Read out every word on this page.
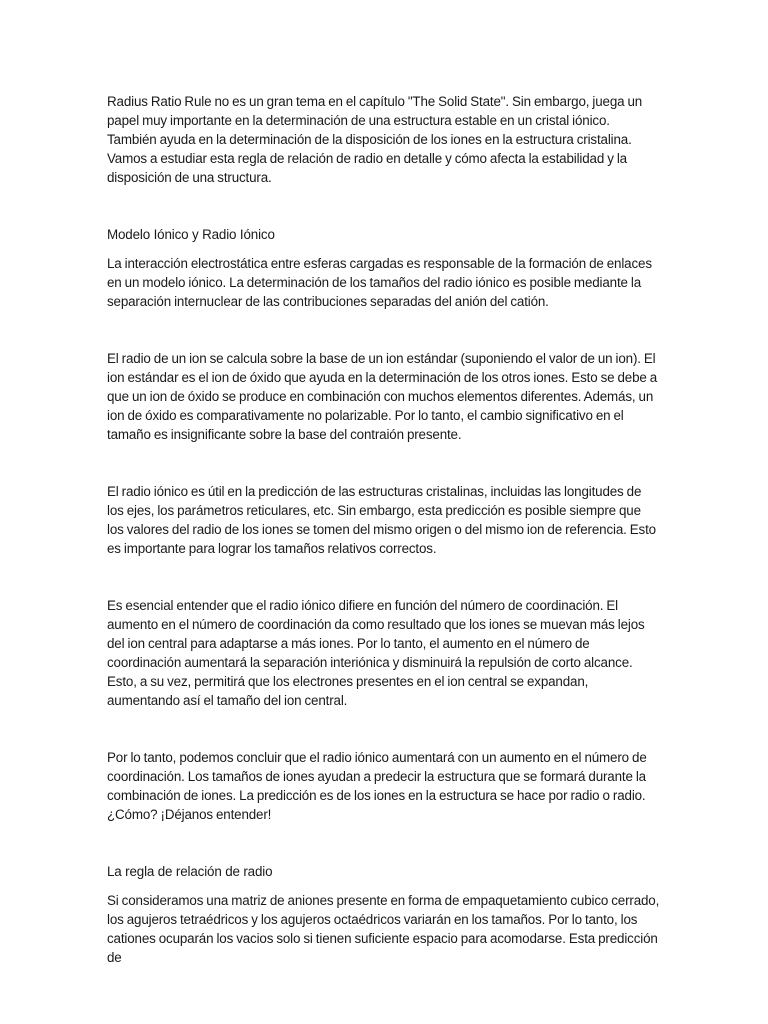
Radius Ratio Rule no es un gran tema en el capítulo "The Solid State". Sin embargo, juega un papel muy importante en la determinación de una estructura estable en un cristal iónico. También ayuda en la determinación de la disposición de los iones en la estructura cristalina. Vamos a estudiar esta regla de relación de radio en detalle y cómo afecta la estabilidad y la disposición de una structura.

Modelo Iónico y Radio Iónico

La interacción electrostática entre esferas cargadas es responsable de la formación de enlaces en un modelo iónico. La determinación de los tamaños del radio iónico es posible mediante la separación internuclear de las contribuciones separadas del anión del catión.

El radio de un ion se calcula sobre la base de un ion estándar (suponiendo el valor de un ion). El ion estándar es el ion de óxido que ayuda en la determinación de los otros iones. Esto se debe a que un ion de óxido se produce en combinación con muchos elementos diferentes. Además, un ion de óxido es comparativamente no polarizable. Por lo tanto, el cambio significativo en el tamaño es insignificante sobre la base del contraión presente.

El radio iónico es útil en la predicción de las estructuras cristalinas, incluidas las longitudes de los ejes, los parámetros reticulares, etc. Sin embargo, esta predicción es posible siempre que los valores del radio de los iones se tomen del mismo origen o del mismo ion de referencia. Esto es importante para lograr los tamaños relativos correctos.

Es esencial entender que el radio iónico difiere en función del número de coordinación. El aumento en el número de coordinación da como resultado que los iones se muevan más lejos del ion central para adaptarse a más iones. Por lo tanto, el aumento en el número de coordinación aumentará la separación interiónica y disminuirá la repulsión de corto alcance. Esto, a su vez, permitirá que los electrones presentes en el ion central se expandan, aumentando así el tamaño del ion central.

Por lo tanto, podemos concluir que el radio iónico aumentará con un aumento en el número de coordinación. Los tamaños de iones ayudan a predecir la estructura que se formará durante la combinación de iones. La predicción es de los iones en la estructura se hace por radio o radio. ¿Cómo? ¡Déjanos entender!

La regla de relación de radio

Si consideramos una matriz de aniones presente en forma de empaquetamiento cubico cerrado, los agujeros tetraédricos y los agujeros octaédricos variarán en los tamaños. Por lo tanto, los cationes ocuparán los vacios solo si tienen suficiente espacio para acomodarse. Esta predicción de
